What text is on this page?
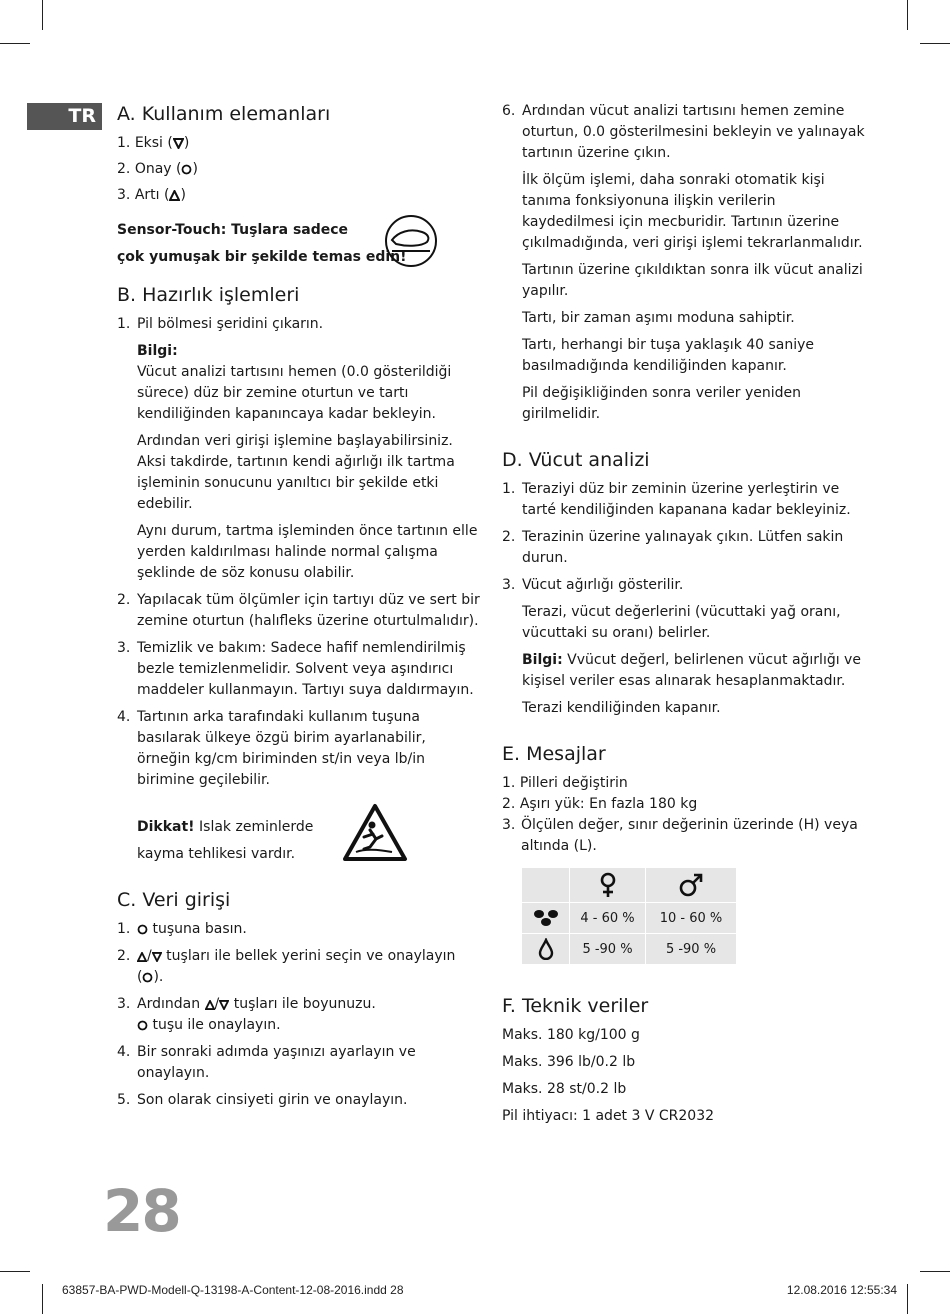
TR	A. Kullanım elemanları
1. Eksi ( )
2. Onay ( )
3. Artı ( )
Sensor-Touch: Tuşlara sadece
çok yumuşak bir şekilde temas edin!
B. Hazırlık işlemleri
1. Pil bölmesi şeridini çıkarın.
Bilgi:
Vücut analizi tartısını hemen (0.0 gösterildiği sürece) düz bir zemine oturtun ve tartı kendiliğinden kapanıncaya kadar bekleyin.
Ardından veri girişi işlemine başlayabilirsiniz. Aksi takdirde, tartının kendi ağırlığı ilk tartma işleminin sonucunu yanıltıcı bir şekilde etki edebilir.
Aynı durum, tartma işleminden önce tartının elle yerden kaldırılması halinde normal çalışma şeklinde de söz konusu olabilir.
2. Yapılacak tüm ölçümler için tartıyı düz ve sert bir zemine oturtun (halıfleks üzerine oturtulmalıdır).
3. Temizlik ve bakım: Sadece hafif nemlendirilmiş bezle temizlenmelidir. Solvent veya aşındırıcı maddeler kullanmayın. Tartıyı suya daldırmayın.
4. Tartının arka tarafındaki kullanım tuşuna basılarak ülkeye özgü birim ayarlanabilir, örneğin kg/cm biriminden st/in veya lb/in birimine geçilebilir.
Dikkat! Islak zeminlerde
kayma tehlikesi vardır.
C. Veri girişi
1. tuşuna basın.
2. / tuşları ile bellek yerini seçin ve onaylayın
( ).
3. Ardından / tuşları ile boyunuzu.
tuşu ile onaylayın.
4. Bir sonraki adımda yaşınızı ayarlayın ve onaylayın.
5. Son olarak cinsiyeti girin ve onaylayın.
6. Ardından vücut analizi tartısını hemen zemine oturtun, 0.0 gösterilmesini bekleyin ve yalınayak tartının üzerine çıkın.
İlk ölçüm işlemi, daha sonraki otomatik kişi tanıma fonksiyonuna ilişkin verilerin kaydedilmesi için mecburidir. Tartının üzerine çıkılmadığında, veri girişi işlemi tekrarlanmalıdır.
Tartının üzerine çıkıldıktan sonra ilk vücut analizi yapılır.
Tartı, bir zaman aşımı moduna sahiptir.
Tartı, herhangi bir tuşa yaklaşık 40 saniye basılmadığında kendiliğinden kapanır.
Pil değişikliğinden sonra veriler yeniden girilmelidir.
D. Vücut analizi
1. Teraziyi düz bir zeminin üzerine yerleştirin ve tarté kendiliğinden kapanana kadar bekleyiniz.
2. Terazinin üzerine yalınayak çıkın. Lütfen sakin durun.
3. Vücut ağırlığı gösterilir.
Terazi, vücut değerlerini (vücuttaki yağ oranı, vücuttaki su oranı) belirler.
Bilgi: Vvücut değerl, belirlenen vücut ağırlığı ve kişisel veriler esas alınarak hesaplanmaktadır.
Terazi kendiliğinden kapanır.
E. Mesajlar
1. Pilleri değiştirin
2. Aşırı yük: En fazla 180 kg
3. Ölçülen değer, sınır değerinin üzerinde (H) veya altında (L).

	4 - 60 %	10 - 60 %

	5 -90 %	5 -90 %
F. Teknik veriler
Maks. 180 kg/100 g
Maks. 396 lb/0.2 lb
Maks. 28 st/0.2 lb
Pil ihtiyacı: 1 adet 3 V CR2032
28
63857-BA-PWD-Modell-Q-13198-A-Content-12-08-2016.indd 28	12.08.2016 12:55:34
